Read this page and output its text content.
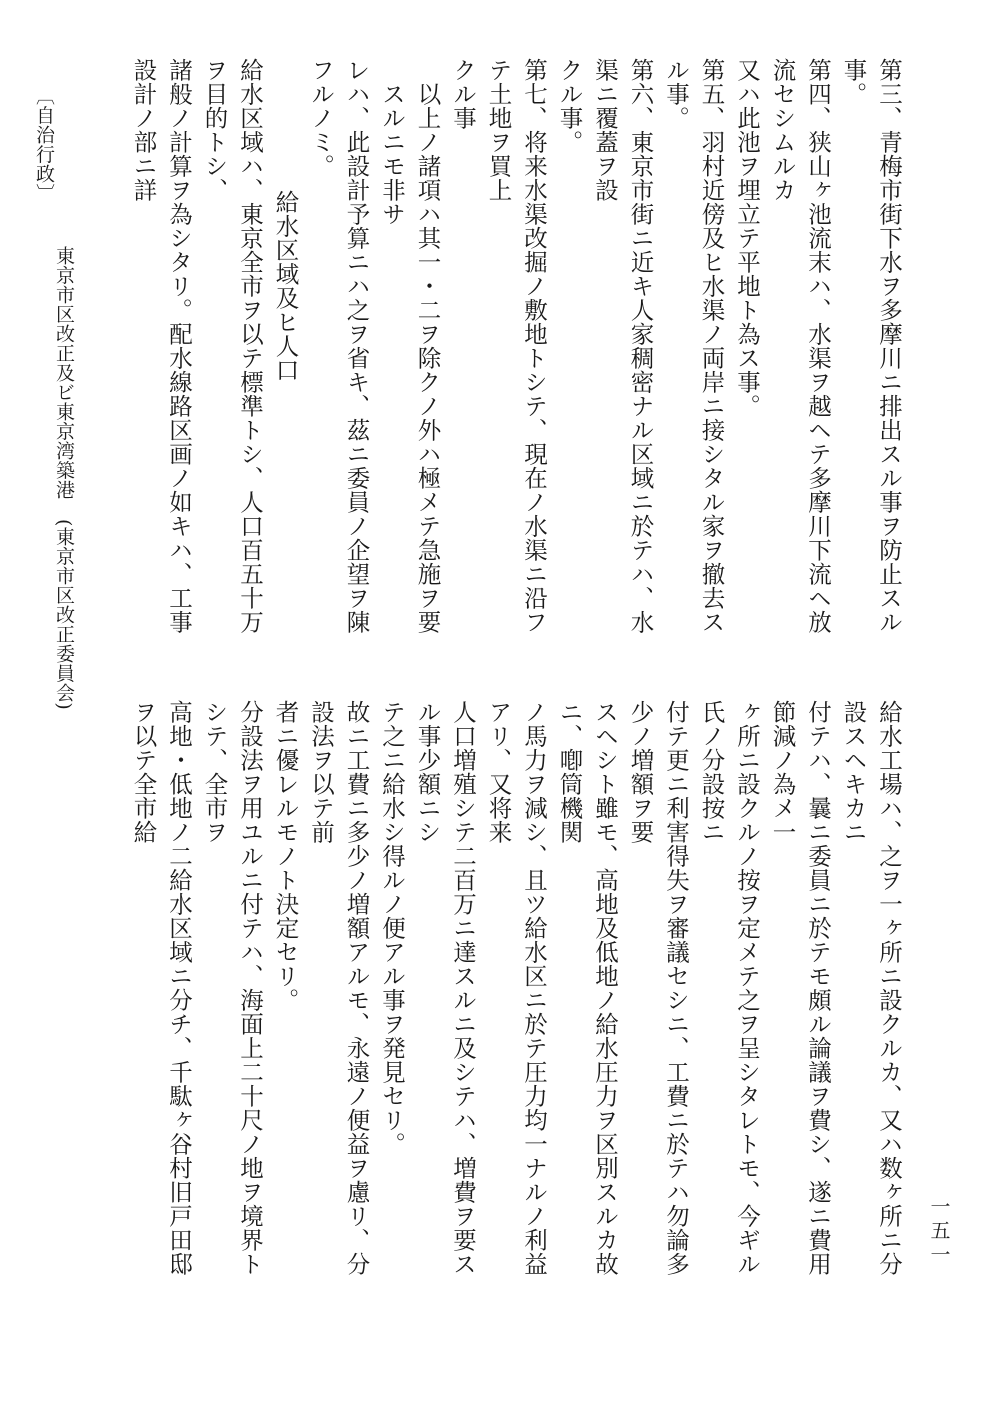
第三、青梅市街下水ヲ多摩川ニ排出スル事ヲ防止スル事。
第四、狭山ヶ池流末ハ、水渠ヲ越ヘテ多摩川下流ヘ放流セシムルカ
又ハ此池ヲ埋立テ平地ト為ス事。
第五、羽村近傍及ヒ水渠ノ両岸ニ接シタル家ヲ撤去スル事。
第六、東京市街ニ近キ人家稠密ナル区域ニ於テハ、水渠ニ覆蓋ヲ設
クル事。
第七、将来水渠改掘ノ敷地トシテ、現在ノ水渠ニ沿フテ土地ヲ買上
クル事
以上ノ諸項ハ其一・二ヲ除クノ外ハ極メテ急施ヲ要スルニモ非サ
レハ、此設計予算ニハ之ヲ省キ、茲ニ委員ノ企望ヲ陳フルノミ。
給水区域及ヒ人口
給水区域ハ、東京全市ヲ以テ標準トシ、人口百五十万ヲ目的トシ、
諸般ノ計算ヲ為シタリ。配水線路区画ノ如キハ、工事設計ノ部ニ詳
給水工場ハ、之ヲ一ヶ所ニ設クルカ、又ハ数ヶ所ニ分設スヘキカニ
付テハ、曩ニ委員ニ於テモ頗ル論議ヲ費シ、遂ニ費用節減ノ為メ一
ヶ所ニ設クルノ按ヲ定メテ之ヲ呈シタレトモ、今ギル氏ノ分設按ニ
付テ更ニ利害得失ヲ審議セシニ、工費ニ於テハ勿論多少ノ増額ヲ要
スヘシト雖モ、高地及低地ノ給水圧力ヲ区別スルカ故ニ、喞筒機関
ノ馬力ヲ減シ、且ツ給水区ニ於テ圧力均一ナルノ利益アリ、又将来
人口増殖シテ二百万ニ達スルニ及シテハ、増費ヲ要スル事少額ニシ
テ之ニ給水シ得ルノ便アル事ヲ発見セリ。
故ニ工費ニ多少ノ増額アルモ、永遠ノ便益ヲ慮リ、分設法ヲ以テ前
者ニ優レルモノト決定セリ。
分設法ヲ用ユルニ付テハ、海面上二十尺ノ地ヲ境界トシテ、全市ヲ
高地・低地ノ二給水区域ニ分チ、千駄ヶ谷村旧戸田邸ヲ以テ全市給
〔自治行政〕
東京市区改正及ビ東京湾築港　(東京市区改正委員会)
一五一
